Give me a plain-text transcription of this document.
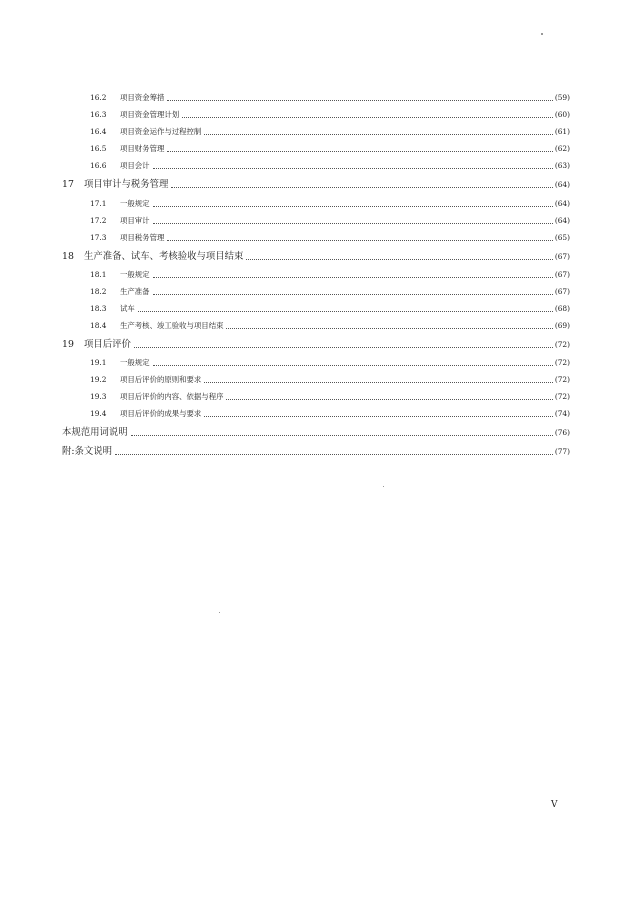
16.2	项目资金筹措	(59)
16.3	项目资金管理计划	(60)
16.4	项目资金运作与过程控制	(61)
16.5	项目财务管理	(62)
16.6	项目会计	(63)
17	项目审计与税务管理	(64)
17.1	一般规定	(64)
17.2	项目审计	(64)
17.3	项目税务管理	(65)
18	生产准备、试车、考核验收与项目结束	(67)
18.1	一般规定	(67)
18.2	生产准备	(67)
18.3	试车	(68)
18.4	生产考核、竣工验收与项目结束	(69)
19	项目后评价	(72)
19.1	一般规定	(72)
19.2	项目后评价的原则和要求	(72)
19.3	项目后评价的内容、依据与程序	(72)
19.4	项目后评价的成果与要求	(74)
本规范用词说明	(76)
附:条文说明	(77)
V
